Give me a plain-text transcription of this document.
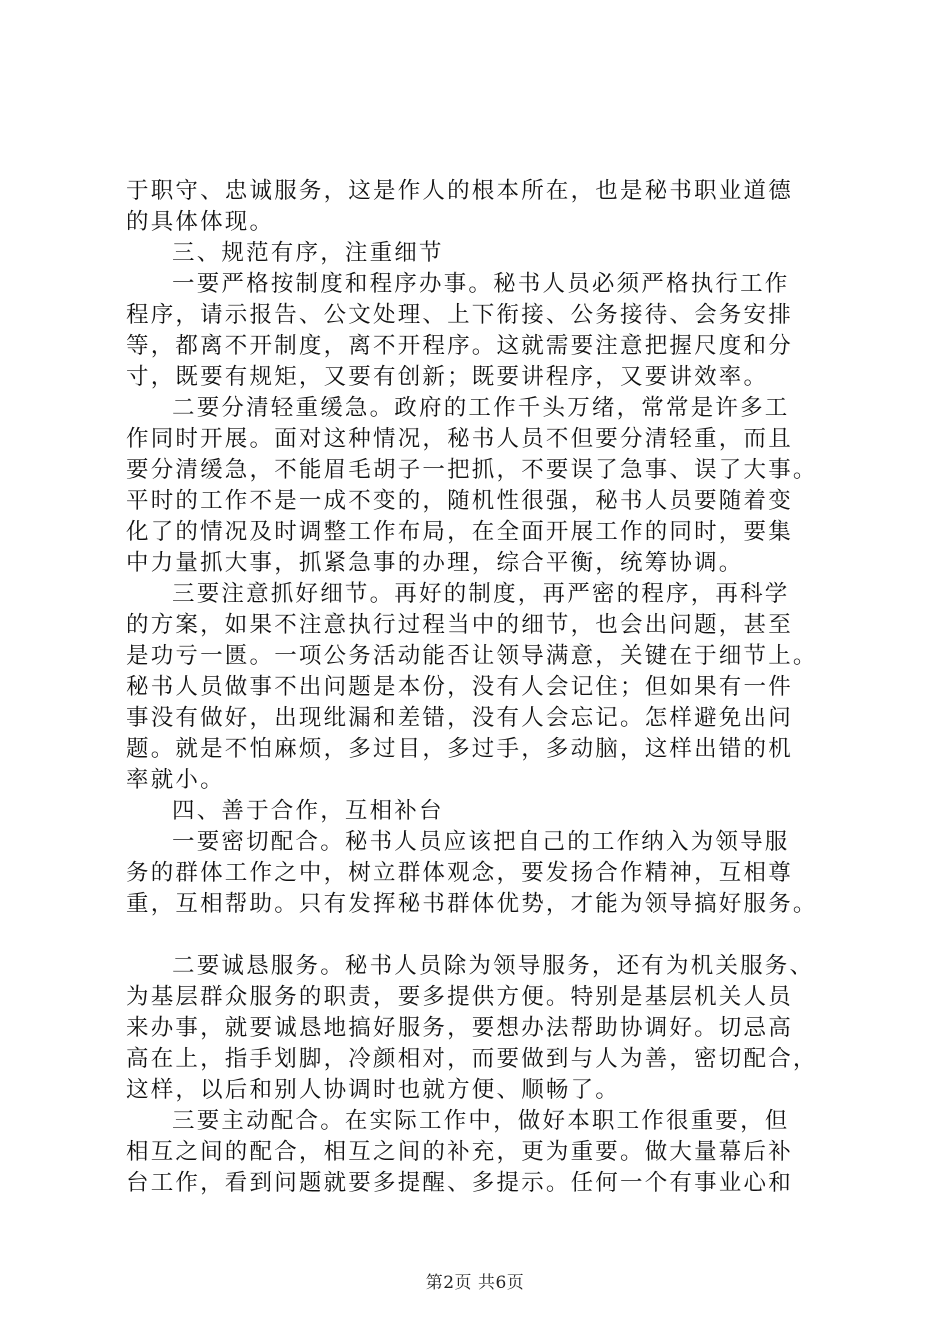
于职守、忠诚服务，这是作人的根本所在，也是秘书职业道德
的具体体现。
三、规范有序，注重细节
一要严格按制度和程序办事。秘书人员必须严格执行工作
程序，请示报告、公文处理、上下衔接、公务接待、会务安排
等，都离不开制度，离不开程序。这就需要注意把握尺度和分
寸，既要有规矩，又要有创新；既要讲程序，又要讲效率。
二要分清轻重缓急。政府的工作千头万绪，常常是许多工
作同时开展。面对这种情况，秘书人员不但要分清轻重，而且
要分清缓急，不能眉毛胡子一把抓，不要误了急事、误了大事。
平时的工作不是一成不变的，随机性很强，秘书人员要随着变
化了的情况及时调整工作布局，在全面开展工作的同时，要集
中力量抓大事，抓紧急事的办理，综合平衡，统筹协调。
三要注意抓好细节。再好的制度，再严密的程序，再科学
的方案，如果不注意执行过程当中的细节，也会出问题，甚至
是功亏一匮。一项公务活动能否让领导满意，关键在于细节上。
秘书人员做事不出问题是本份，没有人会记住；但如果有一件
事没有做好，出现纰漏和差错，没有人会忘记。怎样避免出问
题。就是不怕麻烦，多过目，多过手，多动脑，这样出错的机
率就小。
四、善于合作，互相补台
一要密切配合。秘书人员应该把自己的工作纳入为领导服
务的群体工作之中，树立群体观念，要发扬合作精神，互相尊
重，互相帮助。只有发挥秘书群体优势，才能为领导搞好服务。
二要诚恳服务。秘书人员除为领导服务，还有为机关服务、
为基层群众服务的职责，要多提供方便。特别是基层机关人员
来办事，就要诚恳地搞好服务，要想办法帮助协调好。切忌高
高在上，指手划脚，冷颜相对，而要做到与人为善，密切配合，
这样，以后和别人协调时也就方便、顺畅了。
三要主动配合。在实际工作中，做好本职工作很重要，但
相互之间的配合，相互之间的补充，更为重要。做大量幕后补
台工作，看到问题就要多提醒、多提示。任何一个有事业心和
第2页 共6页
